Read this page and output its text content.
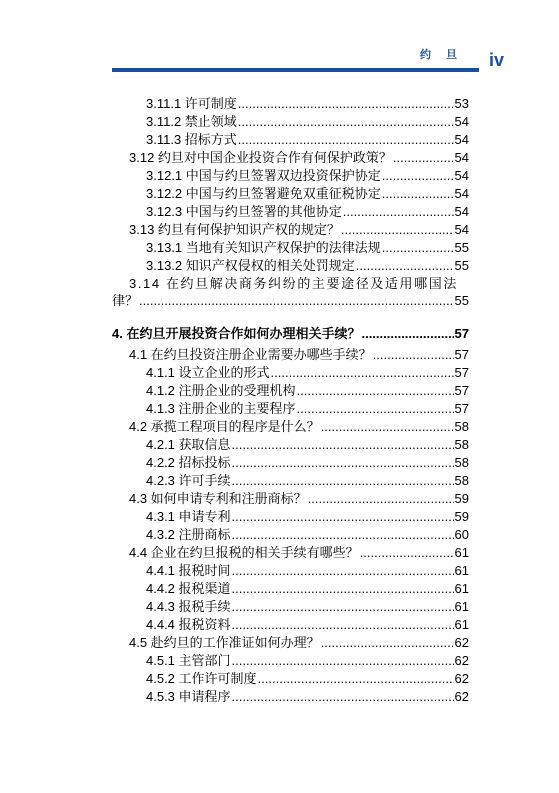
约 旦 iv
3.11.1 许可制度 .....	53
3.11.2 禁止领域 .....	54
3.11.3 招标方式 .....	54
3.12 约旦对中国企业投资合作有何保护政策？ .....	54
3.12.1 中国与约旦签署双边投资保护协定 .....	54
3.12.2 中国与约旦签署避免双重征税协定 .....	54
3.12.3 中国与约旦签署的其他协定 .....	54
3.13 约旦有何保护知识产权的规定？ .....	54
3.13.1 当地有关知识产权保护的法律法规 .....	55
3.13.2 知识产权侵权的相关处罚规定 .....	55
3.14 在约旦解决商务纠纷的主要途径及适用哪国法
律？ .....	55
4. 在约旦开展投资合作如何办理相关手续？ .....	57
4.1 在约旦投资注册企业需要办哪些手续？ .....	57
4.1.1 设立企业的形式 .....	57
4.1.2 注册企业的受理机构 .....	57
4.1.3 注册企业的主要程序 .....	57
4.2 承揽工程项目的程序是什么？ .....	58
4.2.1 获取信息 .....	58
4.2.2 招标投标 .....	58
4.2.3 许可手续 .....	58
4.3 如何申请专利和注册商标？ .....	59
4.3.1 申请专利 .....	59
4.3.2 注册商标 .....	60
4.4 企业在约旦报税的相关手续有哪些？ .....	61
4.4.1 报税时间 .....	61
4.4.2 报税渠道 .....	61
4.4.3 报税手续 .....	61
4.4.4 报税资料 .....	61
4.5 赴约旦的工作准证如何办理？ .....	62
4.5.1 主管部门 .....	62
4.5.2 工作许可制度 .....	62
4.5.3 申请程序 .....	62
